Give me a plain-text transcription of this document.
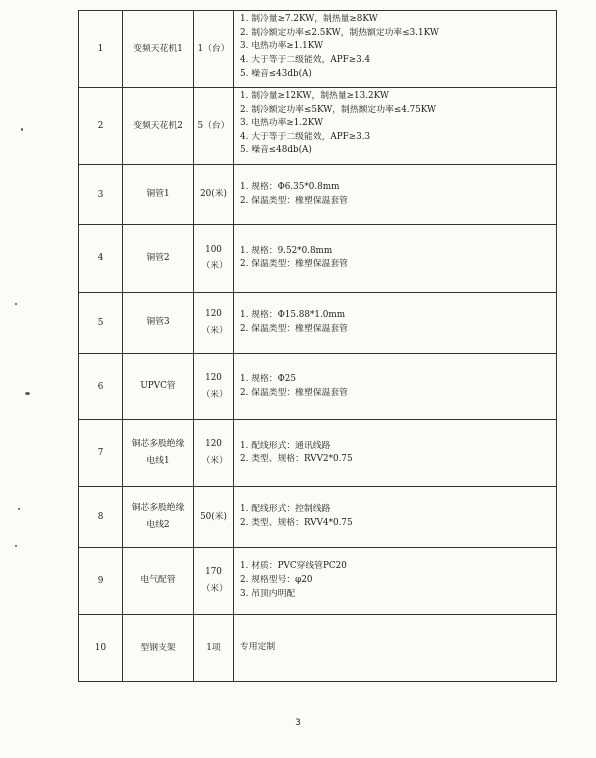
1	变频天花机1	1（台）	1. 制冷量≥7.2KW，制热量≥8KW
2. 制冷额定功率≤2.5KW，制热额定功率≤3.1KW
3. 电热功率≥1.1KW
4. 大于等于二级能效，APF≥3.4
5. 噪音≤43db(A)

2	变频天花机2	5（台）	1. 制冷量≥12KW，制热量≥13.2KW
2. 制冷额定功率≤5KW，制热额定功率≤4.75KW
3. 电热功率≥1.2KW
4. 大于等于二级能效，APF≥3.3
5. 噪音≤48db(A)

3	铜管1	20(米)	1. 规格：Φ6.35*0.8mm
2. 保温类型：橡塑保温套管

4	铜管2	100 （米）	1. 规格：9.52*0.8mm
2. 保温类型：橡塑保温套管

5	铜管3	120 （米）	1. 规格：Φ15.88*1.0mm
2. 保温类型：橡塑保温套管

6	UPVC管	120 （米）	1. 规格：Φ25
2. 保温类型：橡塑保温套管

7	铜芯多股绝缘 电线1	120 （米）	1. 配线形式：通讯线路
2. 类型、规格：RVV2*0.75

8	铜芯多股绝缘 电线2	50(米)	1. 配线形式：控制线路
2. 类型、规格：RVV4*0.75

9	电气配管	170 （米）	1. 材质：PVC穿线管PC20
2. 规格型号：φ20
3. 吊顶内明配

10	型钢支架	1项	专用定制
3
